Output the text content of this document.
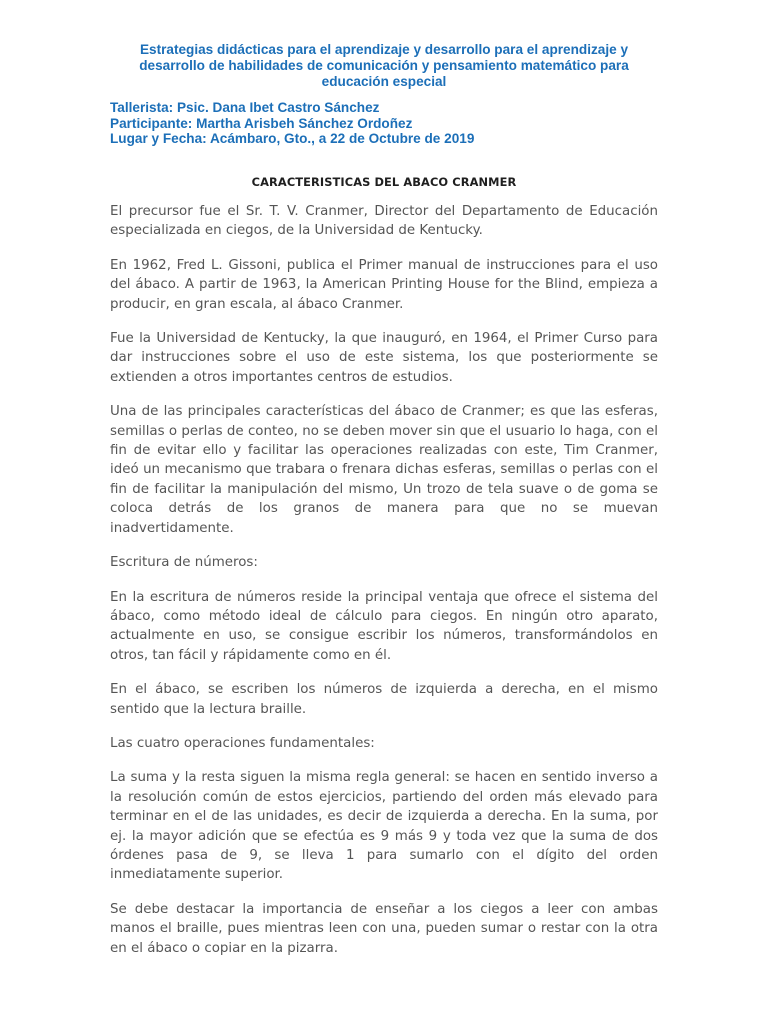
Estrategias didácticas para el aprendizaje y desarrollo para el aprendizaje y
desarrollo de habilidades de comunicación y pensamiento matemático para
educación especial
Tallerista: Psic. Dana Ibet Castro Sánchez
Participante: Martha Arisbeh Sánchez Ordoñez
Lugar y Fecha: Acámbaro, Gto., a 22 de Octubre de 2019
CARACTERISTICAS DEL ABACO CRANMER

El precursor fue el Sr. T. V. Cranmer, Director del Departamento de Educación especializada en ciegos, de la Universidad de Kentucky.

En 1962, Fred L. Gissoni, publica el Primer manual de instrucciones para el uso del ábaco. A partir de 1963, la American Printing House for the Blind, empieza a producir, en gran escala, al ábaco Cranmer.

Fue la Universidad de Kentucky, la que inauguró, en 1964, el Primer Curso para dar instrucciones sobre el uso de este sistema, los que posteriormente se extienden a otros importantes centros de estudios.

Una de las principales características del ábaco de Cranmer; es que las esferas, semillas o perlas de conteo, no se deben mover sin que el usuario lo haga, con el fin de evitar ello y facilitar las operaciones realizadas con este, Tim Cranmer, ideó un mecanismo que trabara o frenara dichas esferas, semillas o perlas con el fin de facilitar la manipulación del mismo, Un trozo de tela suave o de goma se coloca detrás de los granos de manera para que no se muevan inadvertidamente.

Escritura de números:

En la escritura de números reside la principal ventaja que ofrece el sistema del ábaco, como método ideal de cálculo para ciegos. En ningún otro aparato, actualmente en uso, se consigue escribir los números, transformándolos en otros, tan fácil y rápidamente como en él.

En el ábaco, se escriben los números de izquierda a derecha, en el mismo sentido que la lectura braille.

Las cuatro operaciones fundamentales:

La suma y la resta siguen la misma regla general: se hacen en sentido inverso a la resolución común de estos ejercicios, partiendo del orden más elevado para terminar en el de las unidades, es decir de izquierda a derecha. En la suma, por ej. la mayor adición que se efectúa es 9 más 9 y toda vez que la suma de dos órdenes pasa de 9, se lleva 1 para sumarlo con el dígito del orden inmediatamente superior.

Se debe destacar la importancia de enseñar a los ciegos a leer con ambas manos el braille, pues mientras leen con una, pueden sumar o restar con la otra en el ábaco o copiar en la pizarra.
